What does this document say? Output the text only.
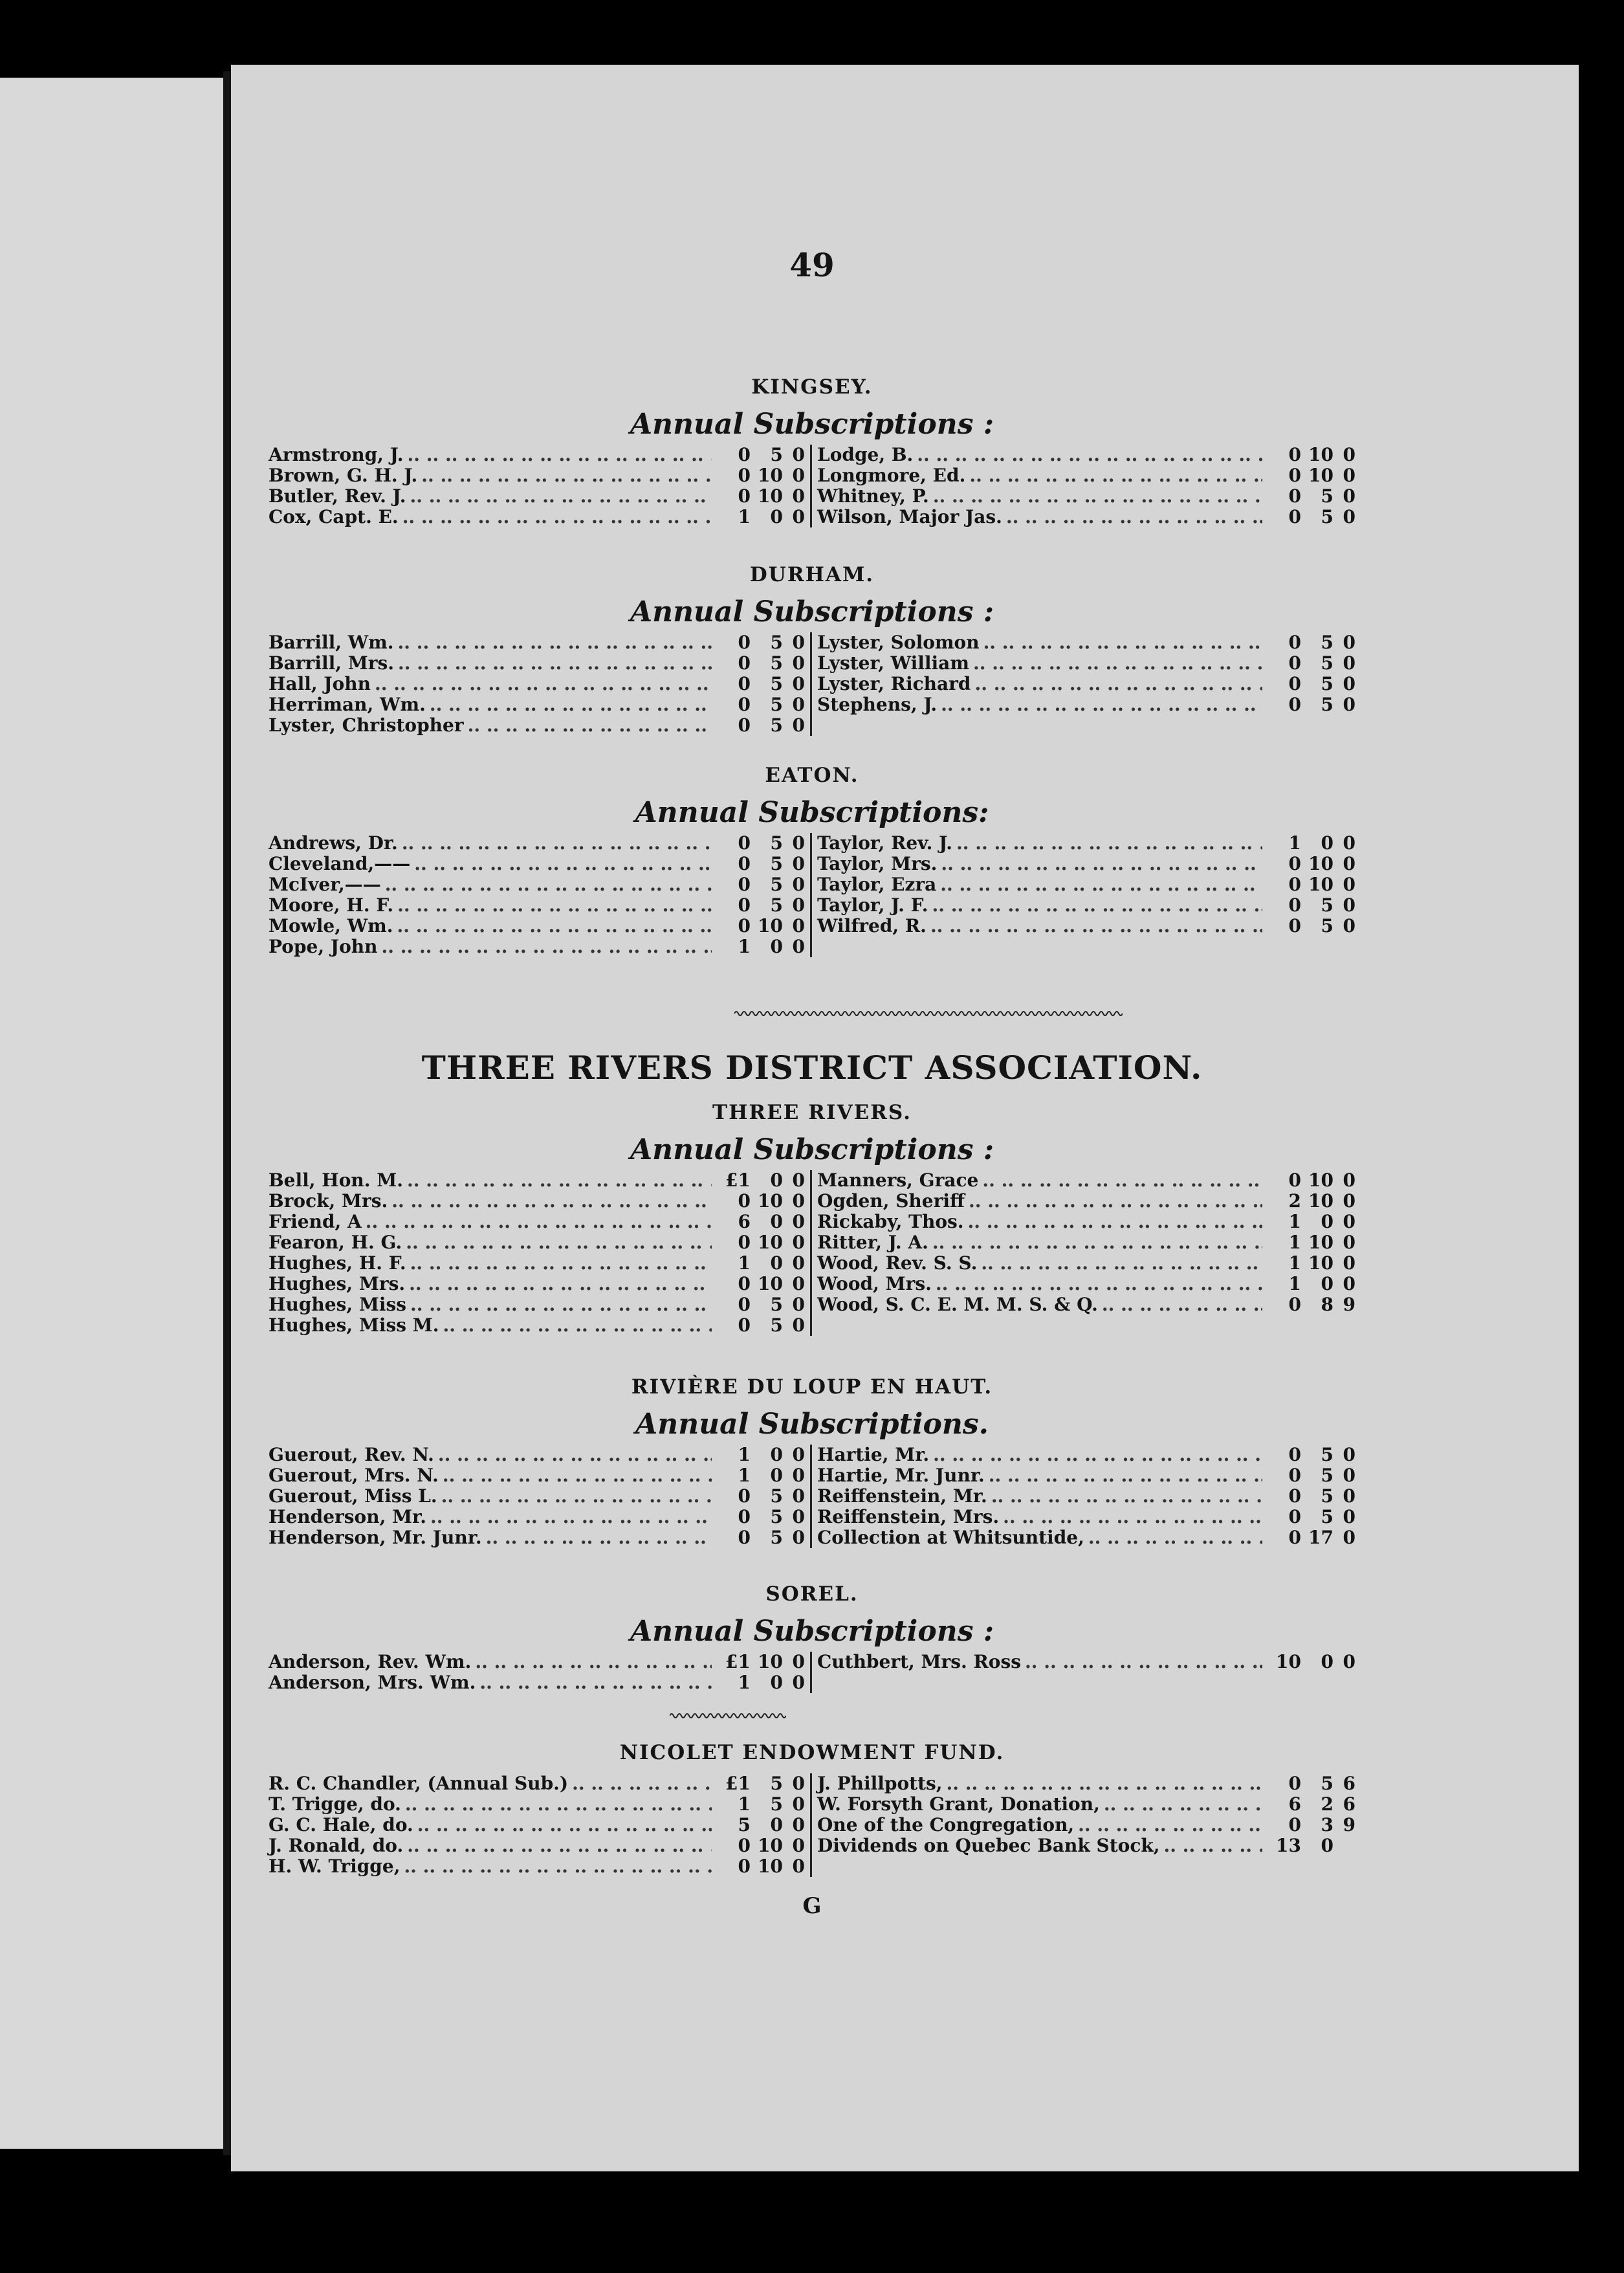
49
KINGSEY.
Annual Subscriptions :
Armstrong, J. .. ..	0	5 0
Brown, G. H. J. .. ..	0 10 0
Butler, Rev. J. .. ..	0 10 0
Cox, Capt. E. .. ..	1	0 0
Lodge, B. .. ..	0 10 0
Longmore, Ed. .. ..	0 10 0
Whitney, P. .. ..	0	5 0
Wilson, Major Jas. .. ..	0	5 0
DURHAM.
Annual Subscriptions :
Barrill, Wm. .. ..	0	5 0
Barrill, Mrs. .. ..	0	5 0
Hall, John .. ..	0	5 0
Herriman, Wm. .. ..	0	5 0
Lyster, Christopher .. ..	0	5 0
Lyster, Solomon .. ..	0	5 0
Lyster, William .. ..	0	5 0
Lyster, Richard .. ..	0	5 0
Stephens, J. .. ..	0	5 0
EATON.
Annual Subscriptions:
Andrews, Dr. .. ..	0	5 0
Cleveland,—— .. ..	0	5 0
McIver,—— .. ..	0	5 0
Moore, H. F. .. ..	0	5 0
Mowle, Wm. .. ..	0 10 0
Pope, John .. ..	1	0 0
Taylor, Rev. J. .. ..	1	0 0
Taylor, Mrs. .. ..	0 10 0
Taylor, Ezra .. ..	0 10 0
Taylor, J. F. .. ..	0	5 0
Wilfred, R. .. ..	0	5 0
THREE RIVERS DISTRICT ASSOCIATION.
THREE RIVERS.
Annual Subscriptions :
Bell, Hon. M. .. ..	£1	0 0
Brock, Mrs. .. ..	0 10 0
Friend, A .. ..	6	0 0
Fearon, H. G. .. ..	0 10 0
Hughes, H. F. .. ..	1	0 0
Hughes, Mrs. .. ..	0 10 0
Hughes, Miss .. ..	0	5 0
Hughes, Miss M. .. ..	0	5 0
Manners, Grace .. ..	0 10 0
Ogden, Sheriff .. ..	2 10 0
Rickaby, Thos. .. ..	1	0 0
Ritter, J. A. .. ..	1 10 0
Wood, Rev. S. S. .. ..	1 10 0
Wood, Mrs. .. ..	1	0 0
Wood, S. C. E. M. M. S. & Q. .. ..	0	8 9
RIVIÈRE DU LOUP EN HAUT.
Annual Subscriptions.
Guerout, Rev. N. .. ..	1	0 0
Guerout, Mrs. N. .. ..	1	0 0
Guerout, Miss L. .. ..	0	5 0
Henderson, Mr. .. ..	0	5 0
Henderson, Mr. Junr. .. ..	0	5 0
Hartie, Mr. .. ..	0	5 0
Hartie, Mr. Junr. .. ..	0	5 0
Reiffenstein, Mr. .. ..	0	5 0
Reiffenstein, Mrs. .. ..	0	5 0
Collection at Whitsuntide, .. ..	0 17 0
SOREL.
Annual Subscriptions :
Anderson, Rev. Wm. .. ..	£1 10 0
Anderson, Mrs. Wm. .. ..	1	0 0
Cuthbert, Mrs. Ross .. ..	10	0 0
NICOLET ENDOWMENT FUND.
R. C. Chandler, (Annual Sub.) .. ..	£1	5 0
T. Trigge, do. .. ..	1	5 0
G. C. Hale, do. .. ..	5	0 0
J. Ronald, do. .. ..	0 10 0
H. W. Trigge, .. ..	0 10 0
J. Phillpotts, .. ..	0	5 6
W. Forsyth Grant, Donation, .. ..	6	2 6
One of the Congregation, .. ..	0	3 9
Dividends on Quebec Bank Stock, .. ..	13	0
G
